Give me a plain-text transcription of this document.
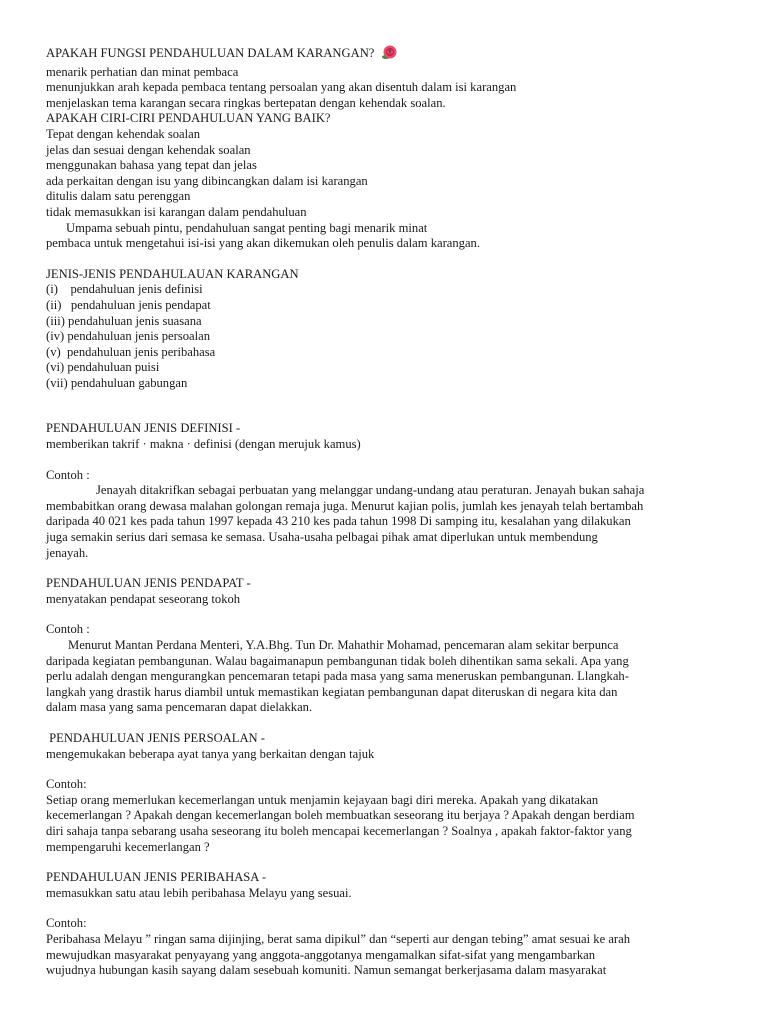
APAKAH FUNGSI PENDAHULUAN DALAM KARANGAN?
menarik perhatian dan minat pembaca
menunjukkan arah kepada pembaca tentang persoalan yang akan disentuh dalam isi karangan
menjelaskan tema karangan secara ringkas bertepatan dengan kehendak soalan.
APAKAH CIRI-CIRI PENDAHULUAN YANG BAIK?
Tepat dengan kehendak soalan
jelas dan sesuai dengan kehendak soalan
menggunakan bahasa yang tepat dan jelas
ada perkaitan dengan isu yang dibincangkan dalam isi karangan
ditulis dalam satu perenggan
tidak memasukkan isi karangan dalam pendahuluan
Umpama sebuah pintu, pendahuluan sangat penting bagi menarik minat
pembaca untuk mengetahui isi-isi yang akan dikemukan oleh penulis dalam karangan.
JENIS-JENIS PENDAHULAUAN KARANGAN
(i)    pendahuluan jenis definisi
(ii)   pendahuluan jenis pendapat
(iii) pendahuluan jenis suasana
(iv) pendahuluan jenis persoalan
(v)  pendahuluan jenis peribahasa
(vi) pendahuluan puisi
(vii) pendahuluan gabungan
PENDAHULUAN JENIS DEFINISI -
memberikan takrif · makna · definisi (dengan merujuk kamus)
Contoh :
Jenayah ditakrifkan sebagai perbuatan yang melanggar undang-undang atau peraturan. Jenayah bukan sahaja
membabitkan orang dewasa malahan golongan remaja juga. Menurut kajian polis, jumlah kes jenayah telah bertambah
daripada 40 021 kes pada tahun 1997 kepada 43 210 kes pada tahun 1998 Di samping itu, kesalahan yang dilakukan
juga semakin serius dari semasa ke semasa. Usaha-usaha pelbagai pihak amat diperlukan untuk membendung
jenayah.
PENDAHULUAN JENIS PENDAPAT -
menyatakan pendapat seseorang tokoh
Contoh :
Menurut Mantan Perdana Menteri, Y.A.Bhg. Tun Dr. Mahathir Mohamad, pencemaran alam sekitar berpunca
daripada kegiatan pembangunan. Walau bagaimanapun pembangunan tidak boleh dihentikan sama sekali. Apa yang
perlu adalah dengan mengurangkan pencemaran tetapi pada masa yang sama meneruskan pembangunan. Llangkah-
langkah yang drastik harus diambil untuk memastikan kegiatan pembangunan dapat diteruskan di negara kita dan
dalam masa yang sama pencemaran dapat dielakkan.
PENDAHULUAN JENIS PERSOALAN -
mengemukakan beberapa ayat tanya yang berkaitan dengan tajuk
Contoh:
Setiap orang memerlukan kecemerlangan untuk menjamin kejayaan bagi diri mereka. Apakah yang dikatakan
kecemerlangan ? Apakah dengan kecemerlangan boleh membuatkan seseorang itu berjaya ? Apakah dengan berdiam
diri sahaja tanpa sebarang usaha seseorang itu boleh mencapai kecemerlangan ? Soalnya , apakah faktor-faktor yang
mempengaruhi kecemerlangan ?
PENDAHULUAN JENIS PERIBAHASA -
memasukkan satu atau lebih peribahasa Melayu yang sesuai.
Contoh:
Peribahasa Melayu ” ringan sama dijinjing, berat sama dipikul” dan “seperti aur dengan tebing” amat sesuai ke arah
mewujudkan masyarakat penyayang yang anggota-anggotanya mengamalkan sifat-sifat yang mengambarkan
wujudnya hubungan kasih sayang dalam sesebuah komuniti. Namun semangat berkerjasama dalam masyarakat
